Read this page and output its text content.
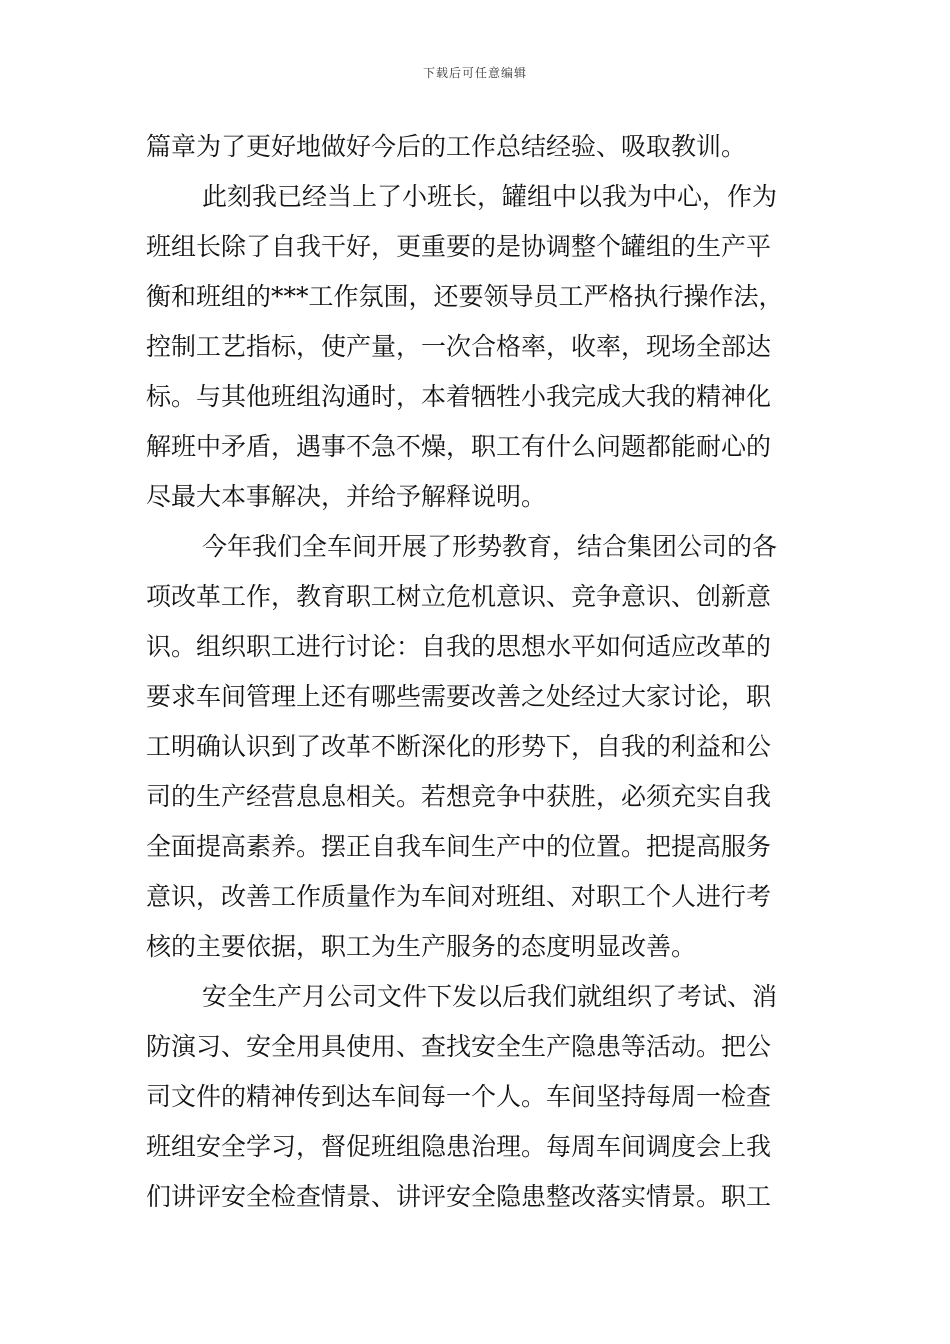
下载后可任意编辑
篇章为了更好地做好今后的工作总结经验、吸取教训。
此刻我已经当上了小班长，罐组中以我为中心，作为
班组长除了自我干好，更重要的是协调整个罐组的生产平
衡和班组的***工作氛围，还要领导员工严格执行操作法，
控制工艺指标，使产量，一次合格率，收率，现场全部达
标。与其他班组沟通时，本着牺牲小我完成大我的精神化
解班中矛盾，遇事不急不燥，职工有什么问题都能耐心的
尽最大本事解决，并给予解释说明。
今年我们全车间开展了形势教育，结合集团公司的各
项改革工作，教育职工树立危机意识、竞争意识、创新意
识。组织职工进行讨论：自我的思想水平如何适应改革的
要求车间管理上还有哪些需要改善之处经过大家讨论，职
工明确认识到了改革不断深化的形势下，自我的利益和公
司的生产经营息息相关。若想竞争中获胜，必须充实自我
全面提高素养。摆正自我车间生产中的位置。把提高服务
意识，改善工作质量作为车间对班组、对职工个人进行考
核的主要依据，职工为生产服务的态度明显改善。
安全生产月公司文件下发以后我们就组织了考试、消
防演习、安全用具使用、查找安全生产隐患等活动。把公
司文件的精神传到达车间每一个人。车间坚持每周一检查
班组安全学习，督促班组隐患治理。每周车间调度会上我
们讲评安全检查情景、讲评安全隐患整改落实情景。职工
